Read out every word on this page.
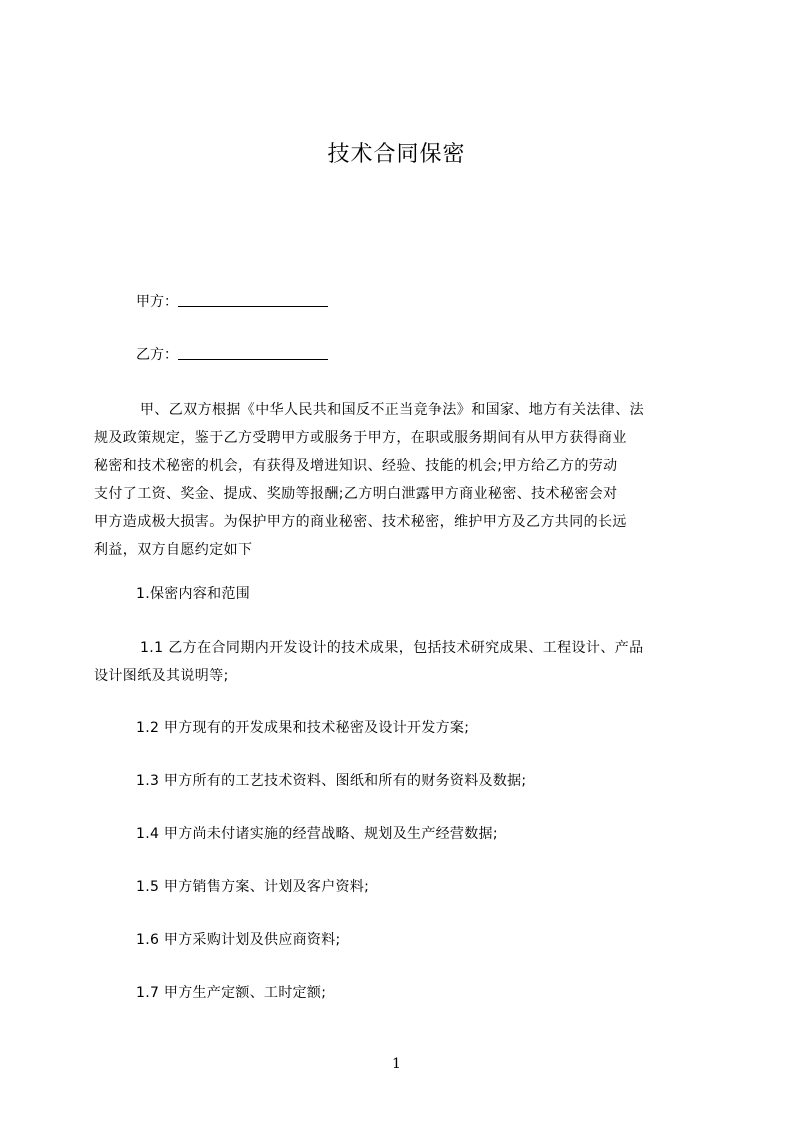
技术合同保密
甲方：
乙方：
甲、乙双方根据《中华人民共和国反不正当竞争法》和国家、地方有关法律、法
规及政策规定，鉴于乙方受聘甲方或服务于甲方，在职或服务期间有从甲方获得商业
秘密和技术秘密的机会，有获得及增进知识、经验、技能的机会;甲方给乙方的劳动
支付了工资、奖金、提成、奖励等报酬;乙方明白泄露甲方商业秘密、技术秘密会对
甲方造成极大损害。为保护甲方的商业秘密、技术秘密，维护甲方及乙方共同的长远
利益，双方自愿约定如下
1.保密内容和范围
1.1 乙方在合同期内开发设计的技术成果，包括技术研究成果、工程设计、产品
设计图纸及其说明等;
1.2 甲方现有的开发成果和技术秘密及设计开发方案;
1.3 甲方所有的工艺技术资料、图纸和所有的财务资料及数据;
1.4 甲方尚未付诸实施的经营战略、规划及生产经营数据;
1.5 甲方销售方案、计划及客户资料;
1.6 甲方采购计划及供应商资料;
1.7 甲方生产定额、工时定额;
1
